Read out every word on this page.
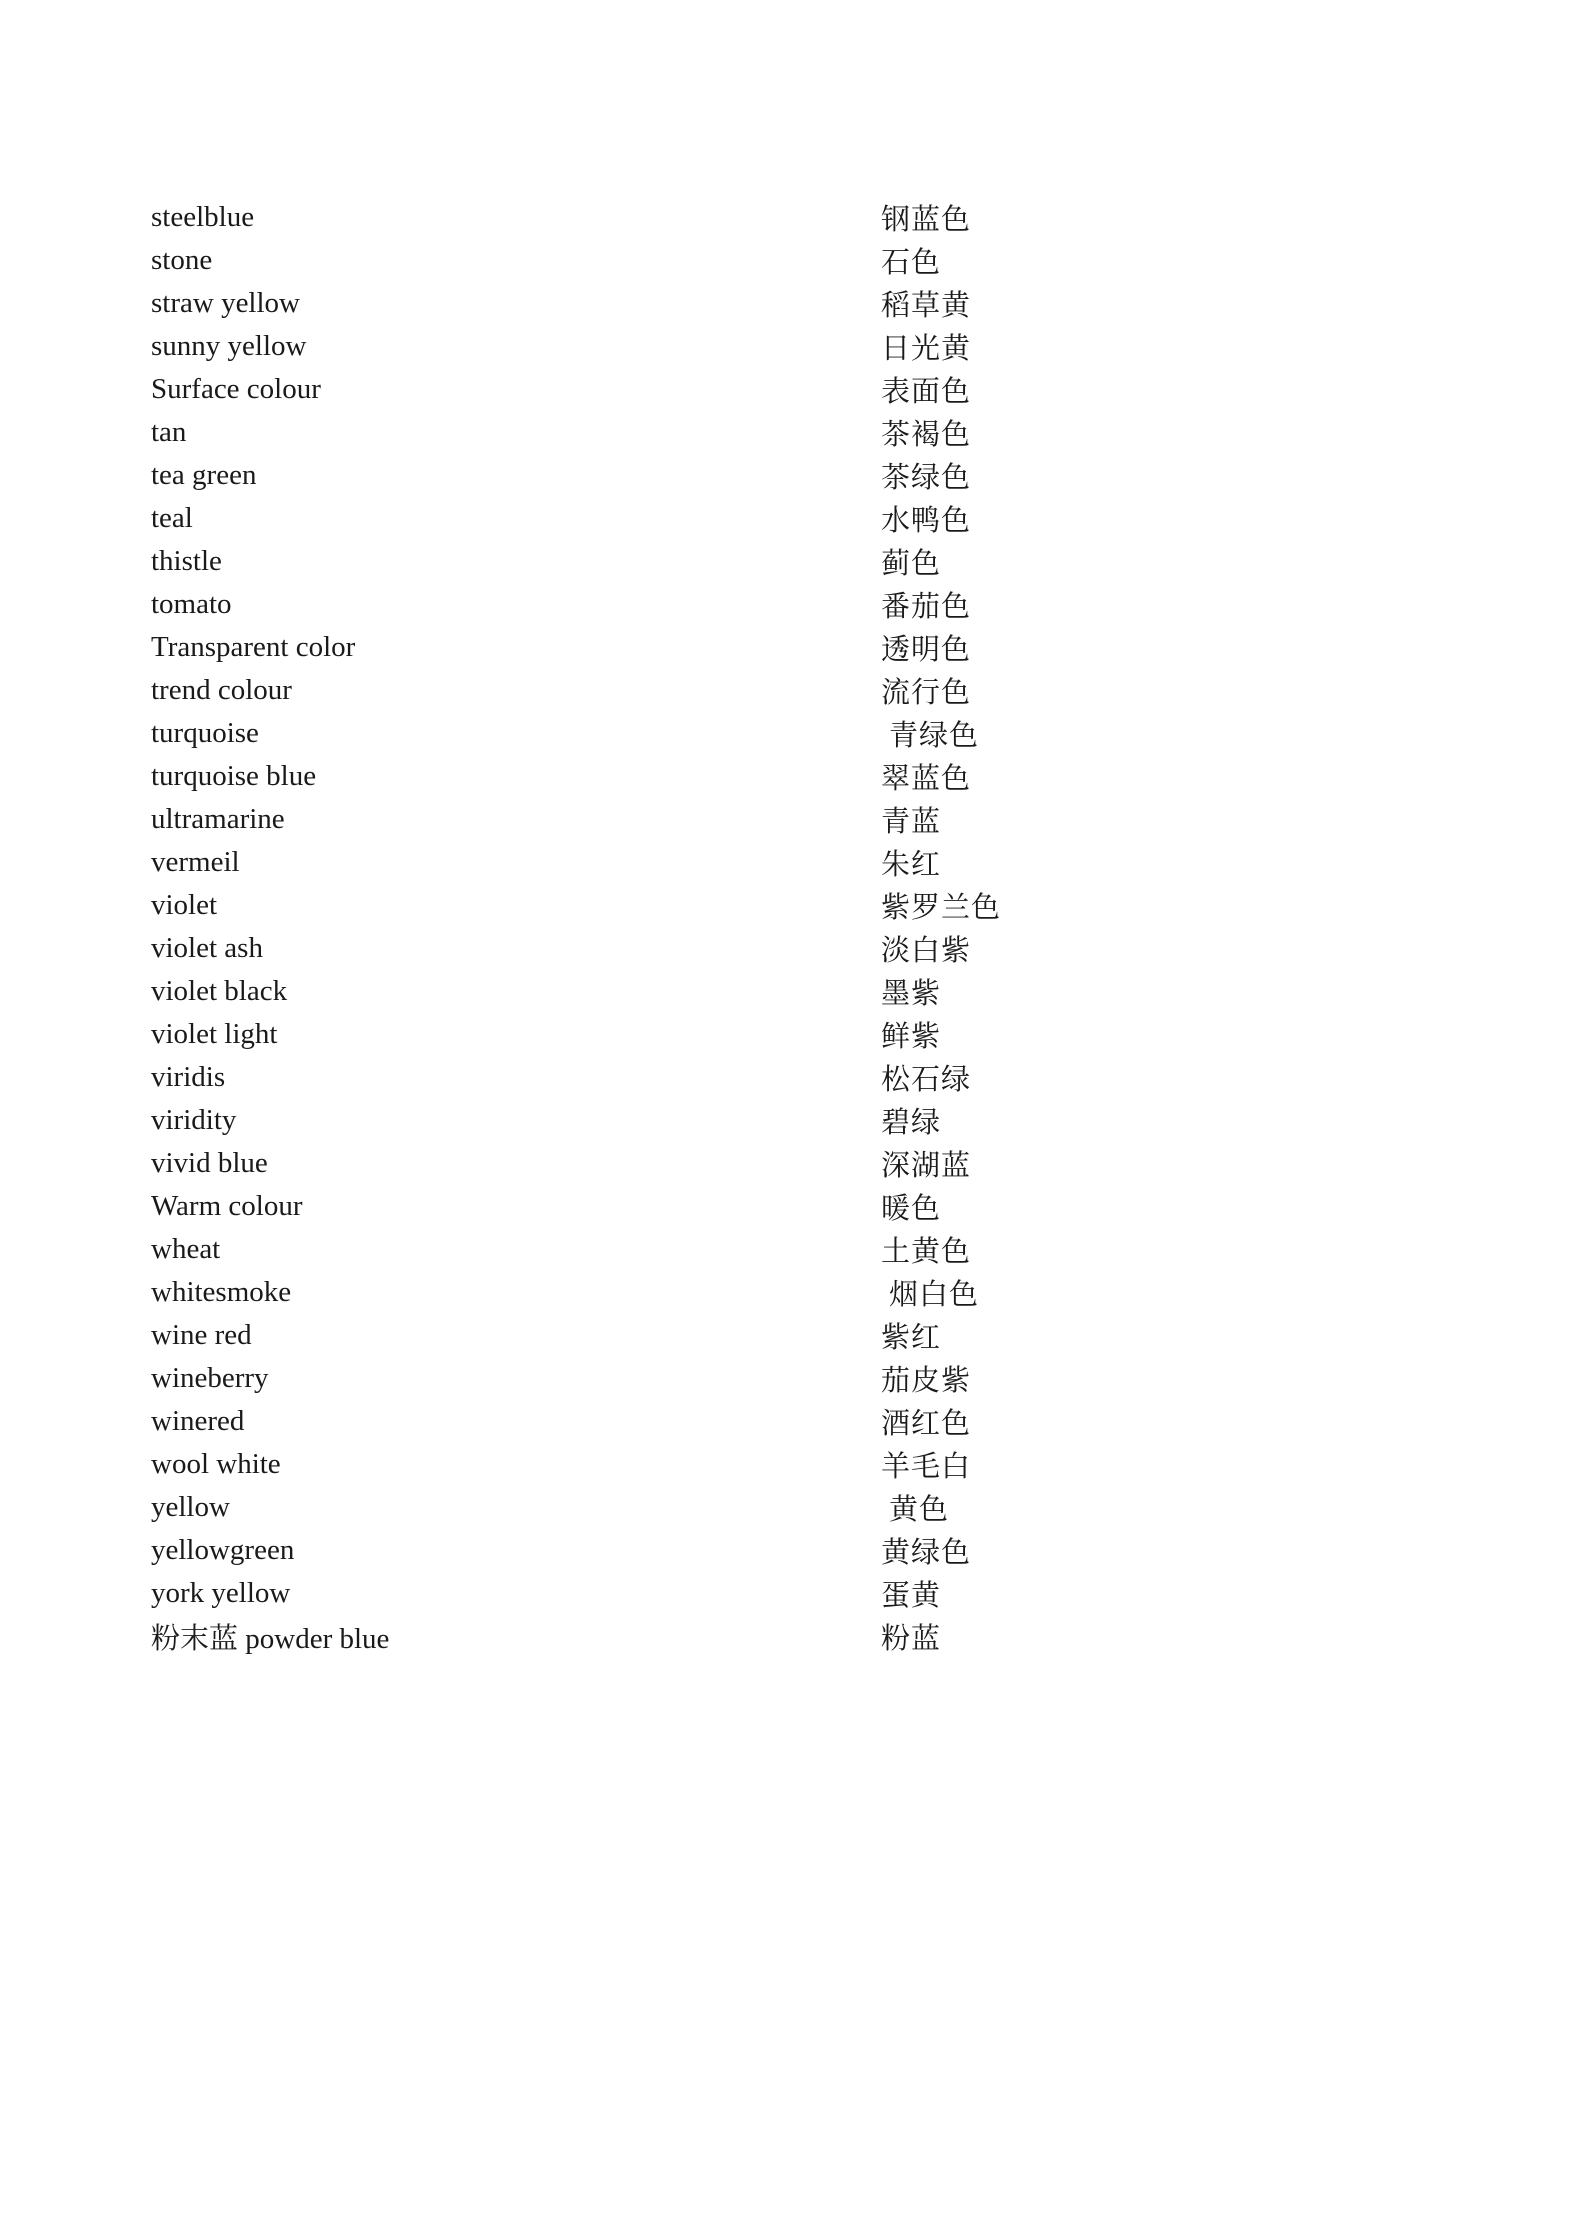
steelblue	钢蓝色
stone	石色
straw yellow	稻草黄
sunny yellow	日光黄
Surface colour	表面色
tan	茶褐色
tea green	茶绿色
teal	水鸭色
thistle	蓟色
tomato	番茄色
Transparent color	透明色
trend colour	流行色
turquoise	青绿色
turquoise blue	翠蓝色
ultramarine	青蓝
vermeil	朱红
violet	紫罗兰色
violet ash	淡白紫
violet black	墨紫
violet light	鲜紫
viridis	松石绿
viridity	碧绿
vivid blue	深湖蓝
Warm colour	暖色
wheat	土黄色
whitesmoke	烟白色
wine red	紫红
wineberry	茄皮紫
winered	酒红色
wool white	羊毛白
yellow	黄色
yellowgreen	黄绿色
york yellow	蛋黄
粉末蓝 powder blue	粉蓝
